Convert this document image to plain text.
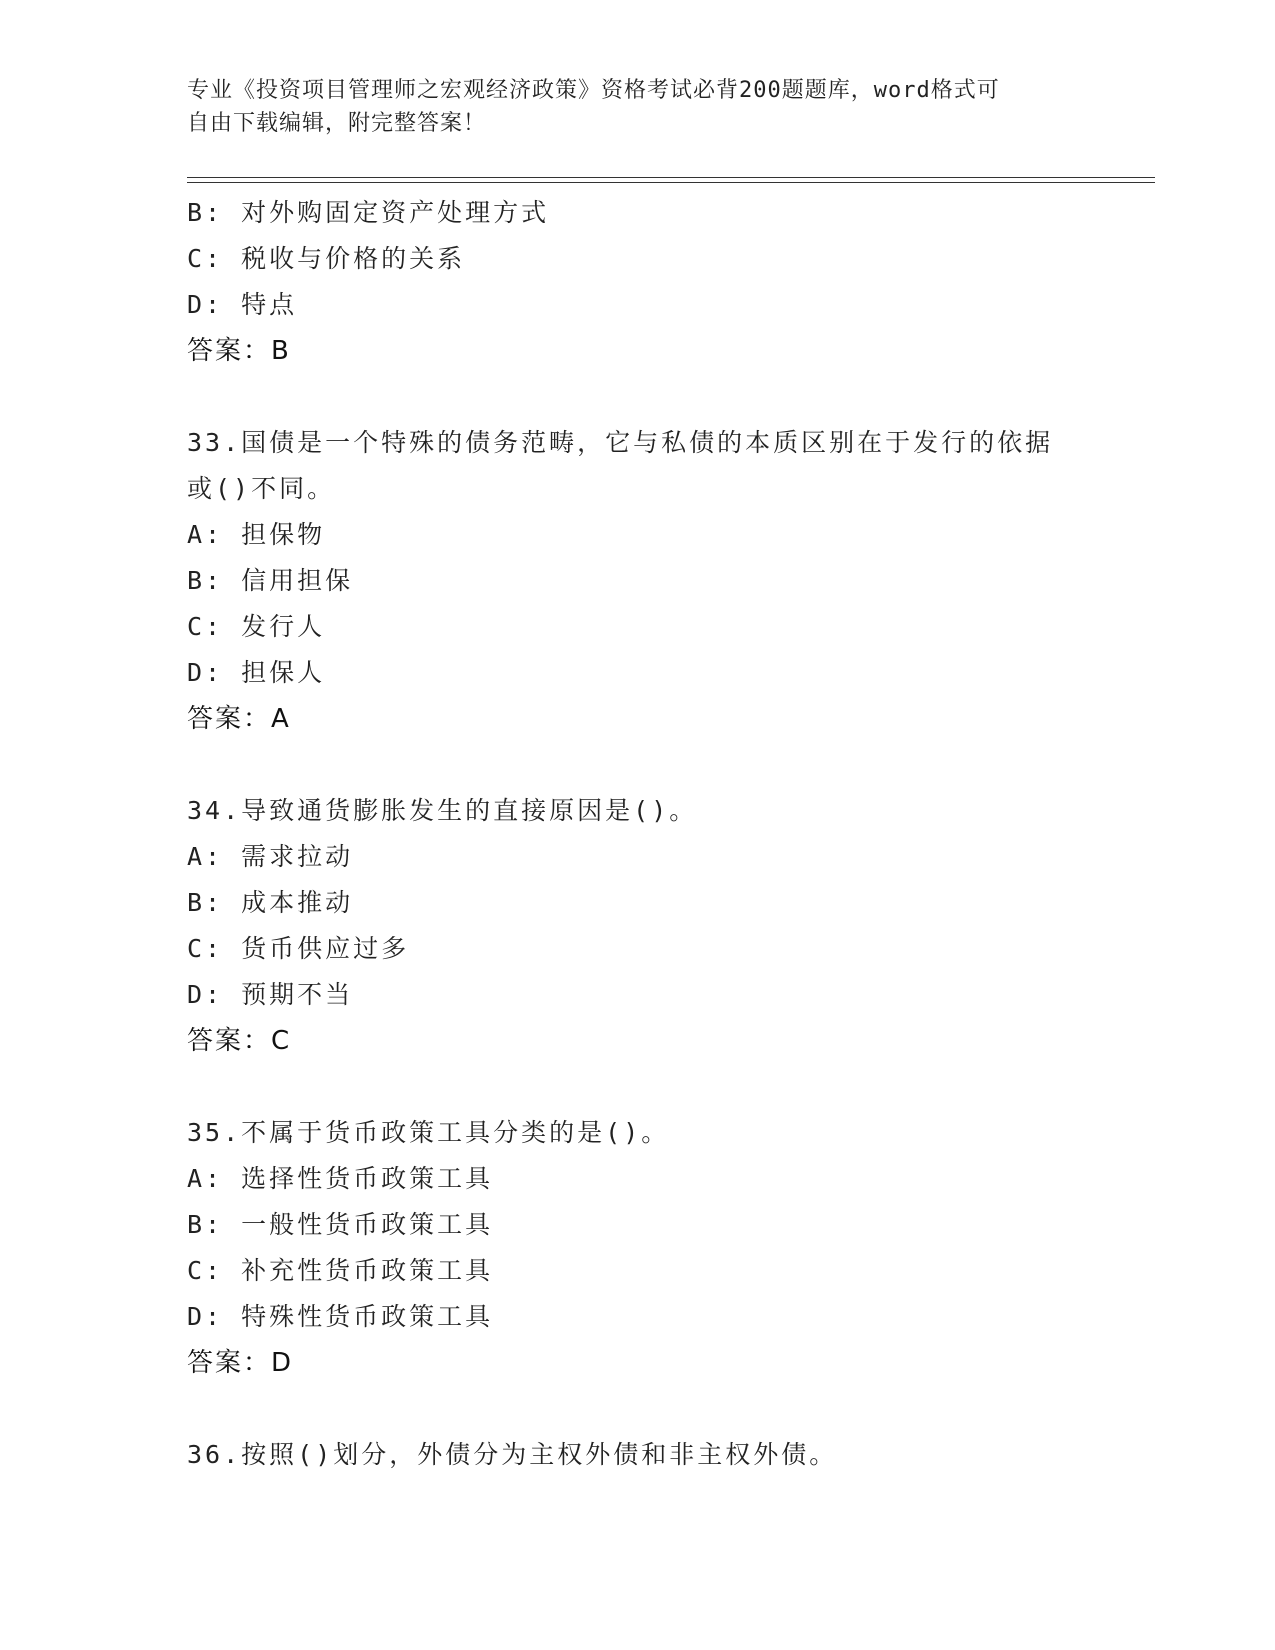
专业《投资项目管理师之宏观经济政策》资格考试必背200题题库，word格式可
自由下载编辑，附完整答案！
B: 对外购固定资产处理方式
C: 税收与价格的关系
D: 特点
答案：B
33.国债是一个特殊的债务范畴，它与私债的本质区别在于发行的依据
或()不同。
A: 担保物
B: 信用担保
C: 发行人
D: 担保人
答案：A
34.导致通货膨胀发生的直接原因是()。
A: 需求拉动
B: 成本推动
C: 货币供应过多
D: 预期不当
答案：C
35.不属于货币政策工具分类的是()。
A: 选择性货币政策工具
B: 一般性货币政策工具
C: 补充性货币政策工具
D: 特殊性货币政策工具
答案：D
36.按照()划分，外债分为主权外债和非主权外债。
